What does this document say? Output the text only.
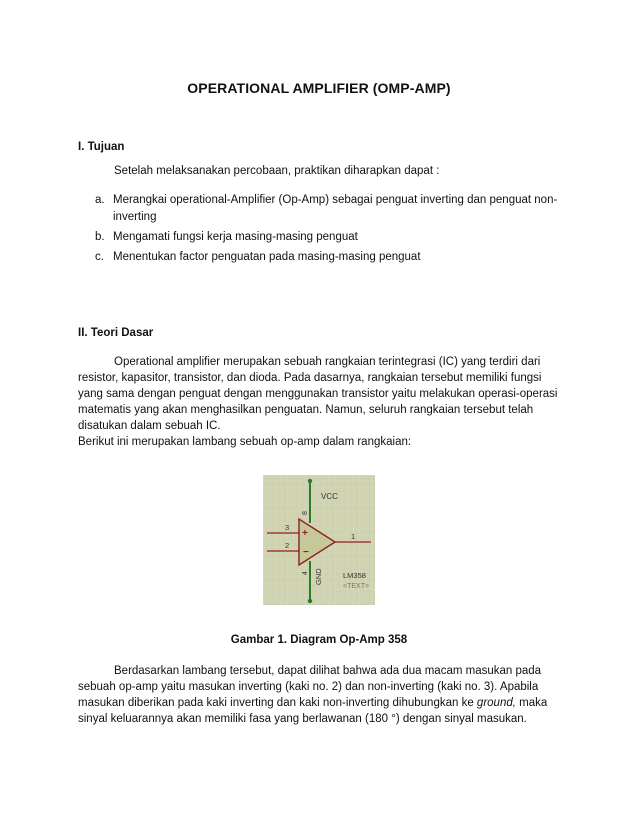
OPERATIONAL AMPLIFIER (OMP-AMP)
I. Tujuan
Setelah melaksanakan percobaan, praktikan diharapkan dapat :
a. Merangkai operational-Amplifier (Op-Amp) sebagai penguat inverting dan penguat non-
inverting
b. Mengamati fungsi kerja masing-masing penguat
c. Menentukan factor penguatan pada masing-masing penguat
II. Teori Dasar
Operational amplifier merupakan sebuah rangkaian terintegrasi (IC) yang terdiri dari
resistor, kapasitor, transistor, dan dioda. Pada dasarnya, rangkaian tersebut memiliki fungsi
yang sama dengan penguat dengan menggunakan transistor yaitu melakukan operasi-operasi
matematis yang akan menghasilkan penguatan. Namun, seluruh rangkaian tersebut telah
disatukan dalam sebuah IC.
Berikut ini merupakan lambang sebuah op-amp dalam rangkaian:
VCC
8
3
2
1
4
+
−
GND	LM358
<TEXT>
Gambar 1. Diagram Op-Amp 358
Berdasarkan lambang tersebut, dapat dilihat bahwa ada dua macam masukan pada
sebuah op-amp yaitu masukan inverting (kaki no. 2) dan non-inverting (kaki no. 3). Apabila
masukan diberikan pada kaki inverting dan kaki non-inverting dihubungkan ke ground, maka
sinyal keluarannya akan memiliki fasa yang berlawanan (180 °) dengan sinyal masukan.
